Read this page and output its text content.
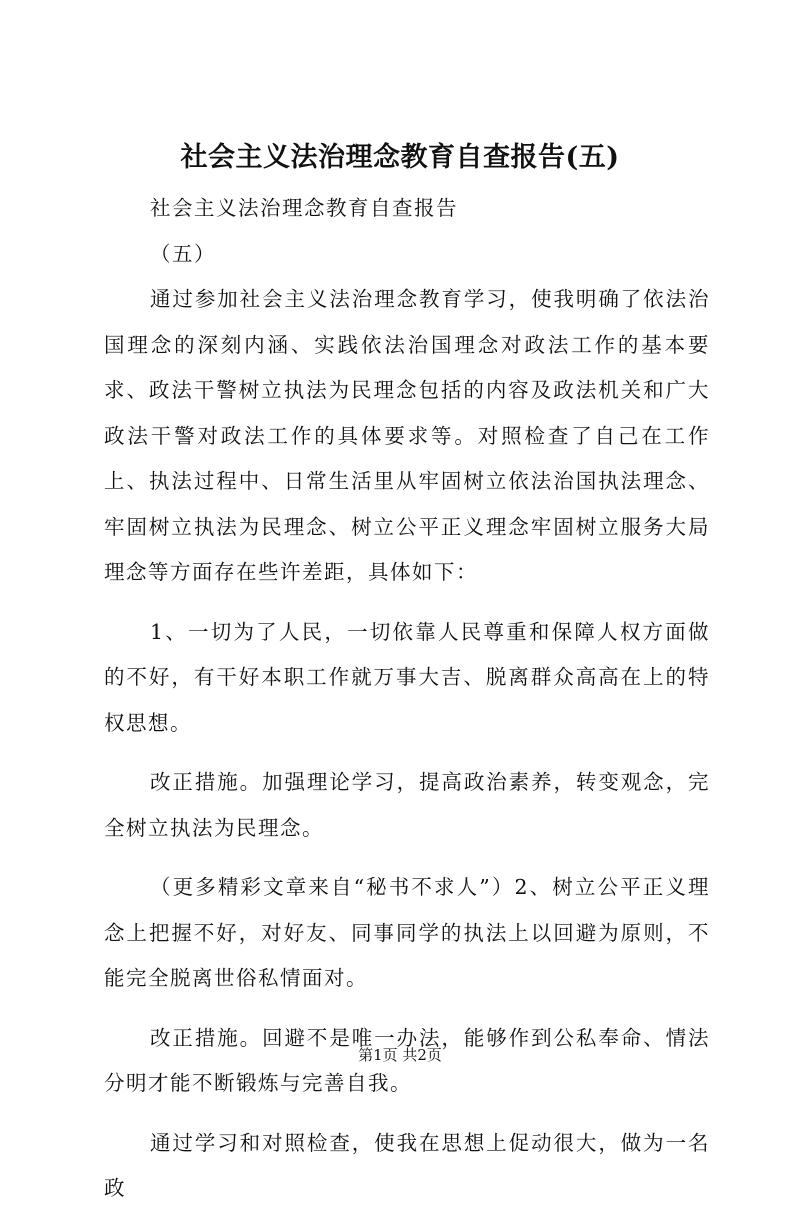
社会主义法治理念教育自查报告(五)

社会主义法治理念教育自查报告

（五）

通过参加社会主义法治理念教育学习，使我明确了依法治国理念的深刻内涵、实践依法治国理念对政法工作的基本要求、政法干警树立执法为民理念包括的内容及政法机关和广大政法干警对政法工作的具体要求等。对照检查了自己在工作上、执法过程中、日常生活里从牢固树立依法治国执法理念、牢固树立执法为民理念、树立公平正义理念牢固树立服务大局理念等方面存在些许差距，具体如下：

1、一切为了人民，一切依靠人民尊重和保障人权方面做的不好，有干好本职工作就万事大吉、脱离群众高高在上的特权思想。

改正措施。加强理论学习，提高政治素养，转变观念，完全树立执法为民理念。

（更多精彩文章来自“秘书不求人”）2、树立公平正义理念上把握不好，对好友、同事同学的执法上以回避为原则，不能完全脱离世俗私情面对。

改正措施。回避不是唯一办法，能够作到公私奉命、情法分明才能不断锻炼与完善自我。

通过学习和对照检查，使我在思想上促动很大，做为一名政

第1页 共2页
